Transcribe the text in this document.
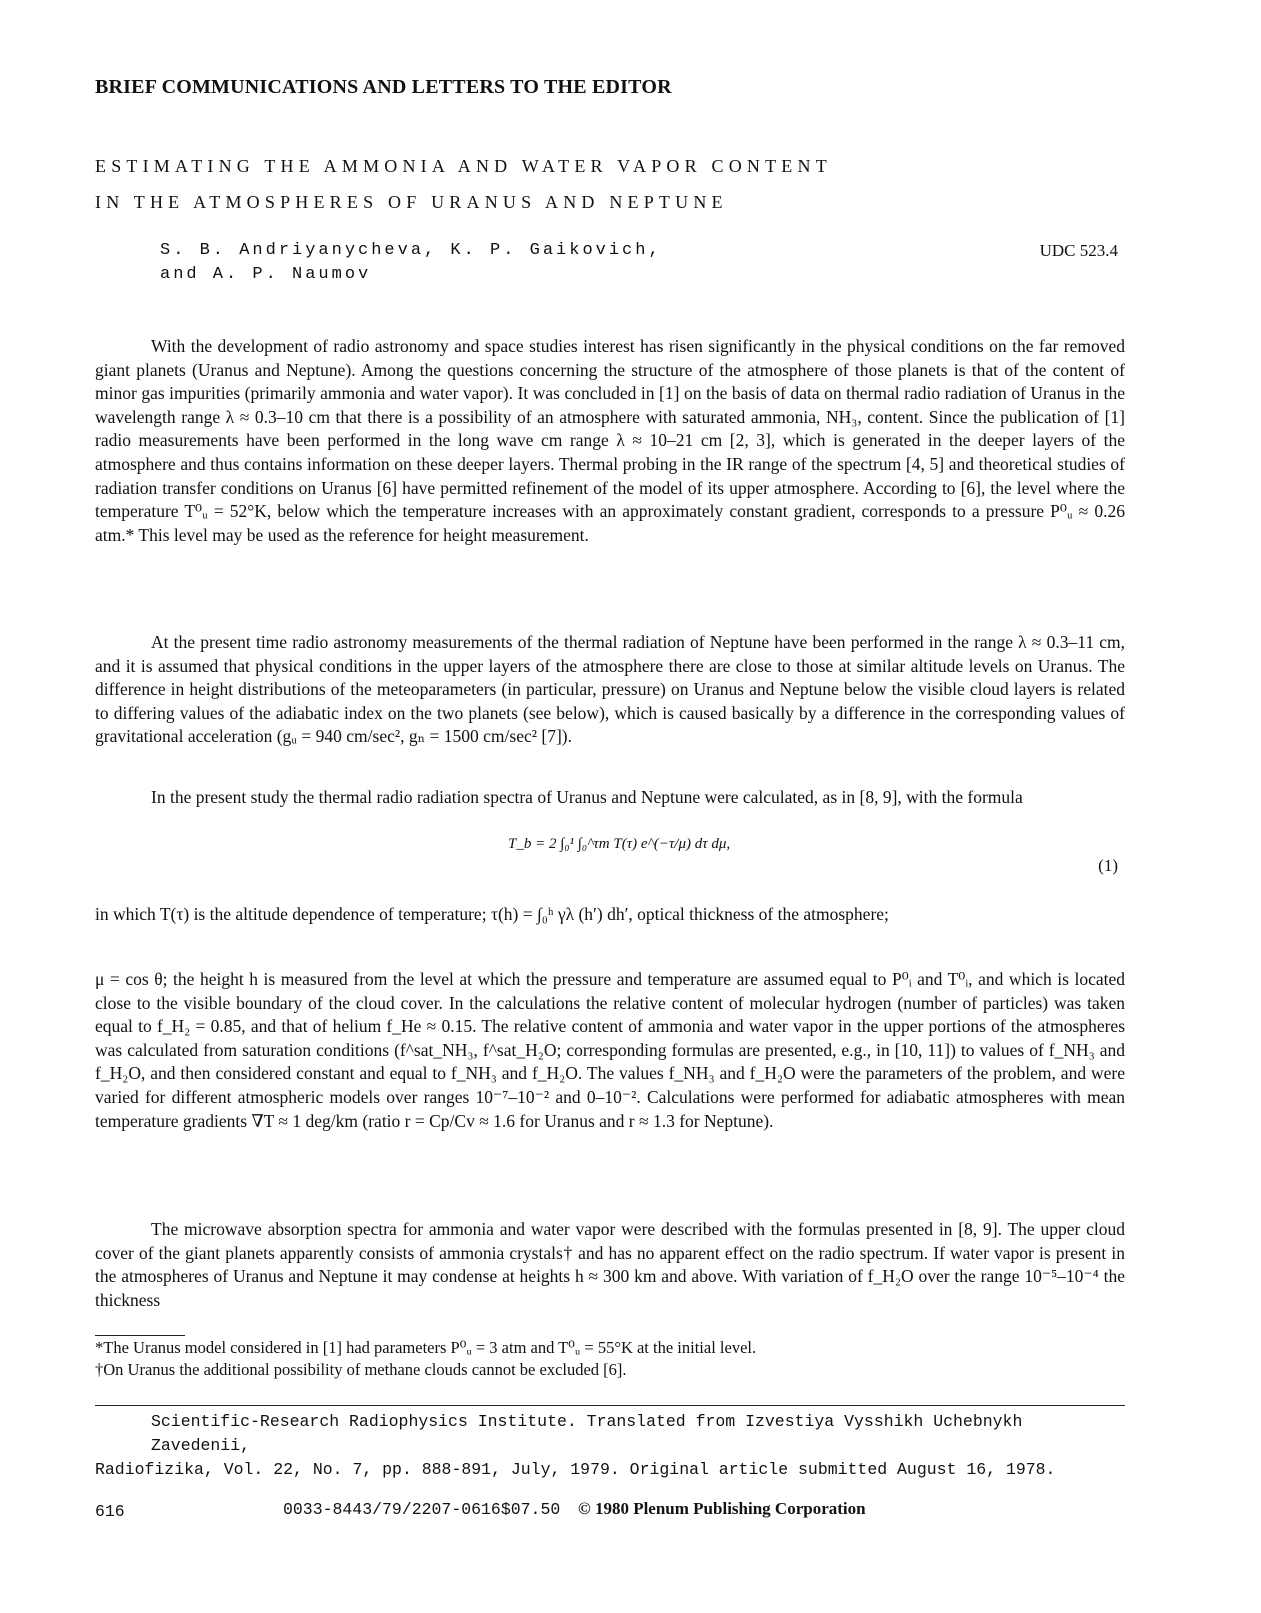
BRIEF COMMUNICATIONS AND LETTERS TO THE EDITOR
ESTIMATING THE AMMONIA AND WATER VAPOR CONTENT
IN THE ATMOSPHERES OF URANUS AND NEPTUNE
S. B. Andriyanycheva, K. P. Gaikovich,
and A. P. Naumov
UDC 523.4

With the development of radio astronomy and space studies interest has risen significantly in the physical conditions on the far removed giant planets (Uranus and Neptune). Among the questions concerning the structure of the atmosphere of those planets is that of the content of minor gas impurities (primarily ammonia and water vapor). It was concluded in [1] on the basis of data on thermal radio radiation of Uranus in the wavelength range λ ≈ 0.3–10 cm that there is a possibility of an atmosphere with saturated ammonia, NH₃, content. Since the publication of [1] radio measurements have been performed in the long wave cm range λ ≈ 10–21 cm [2, 3], which is generated in the deeper layers of the atmosphere and thus contains information on these deeper layers. Thermal probing in the IR range of the spectrum [4, 5] and theoretical studies of radiation transfer conditions on Uranus [6] have permitted refinement of the model of its upper atmosphere. According to [6], the level where the temperature T⁰ᵤ = 52°K, below which the temperature increases with an approximately constant gradient, corresponds to a pressure P⁰ᵤ ≈ 0.26 atm.* This level may be used as the reference for height measurement.

At the present time radio astronomy measurements of the thermal radiation of Neptune have been performed in the range λ ≈ 0.3–11 cm, and it is assumed that physical conditions in the upper layers of the atmosphere there are close to those at similar altitude levels on Uranus. The difference in height distributions of the meteoparameters (in particular, pressure) on Uranus and Neptune below the visible cloud layers is related to differing values of the adiabatic index on the two planets (see below), which is caused basically by a difference in the corresponding values of gravitational acceleration (gᵤ = 940 cm/sec², gₙ = 1500 cm/sec² [7]).

In the present study the thermal radio radiation spectra of Uranus and Neptune were calculated, as in [8, 9], with the formula

T_b = 2 ∫₀¹ ∫₀^τm T(τ) e^(−τ/μ) dτ dμ,
(1)
in which T(τ) is the altitude dependence of temperature; τ(h) = ∫₀ʰ γλ (h′) dh′, optical thickness of the atmosphere;

μ = cos θ; the height h is measured from the level at which the pressure and temperature are assumed equal to P⁰ᵢ and T⁰ᵢ, and which is located close to the visible boundary of the cloud cover. In the calculations the relative content of molecular hydrogen (number of particles) was taken equal to f_H₂ = 0.85, and that of helium f_He ≈ 0.15. The relative content of ammonia and water vapor in the upper portions of the atmospheres was calculated from saturation conditions (f^sat_NH₃, f^sat_H₂O; corresponding formulas are presented, e.g., in [10, 11]) to values of f_NH₃ and f_H₂O, and then considered constant and equal to f_NH₃ and f_H₂O. The values f_NH₃ and f_H₂O were the parameters of the problem, and were varied for different atmospheric models over ranges 10⁻⁷–10⁻² and 0–10⁻². Calculations were performed for adiabatic atmospheres with mean temperature gradients ∇T ≈ 1 deg/km (ratio r = Cp/Cv ≈ 1.6 for Uranus and r ≈ 1.3 for Neptune).

The microwave absorption spectra for ammonia and water vapor were described with the formulas presented in [8, 9]. The upper cloud cover of the giant planets apparently consists of ammonia crystals† and has no apparent effect on the radio spectrum. If water vapor is present in the atmospheres of Uranus and Neptune it may condense at heights h ≈ 300 km and above. With variation of f_H₂O over the range 10⁻⁵–10⁻⁴ the thickness

*The Uranus model considered in [1] had parameters P⁰ᵤ = 3 atm and T⁰ᵤ = 55°K at the initial level.
†On Uranus the additional possibility of methane clouds cannot be excluded [6].
Scientific-Research Radiophysics Institute. Translated from Izvestiya Vysshikh Uchebnykh Zavedenii,
Radiofizika, Vol. 22, No. 7, pp. 888-891, July, 1979. Original article submitted August 16, 1978.
616	0033-8443/79/2207-0616$07.50 © 1980 Plenum Publishing Corporation
